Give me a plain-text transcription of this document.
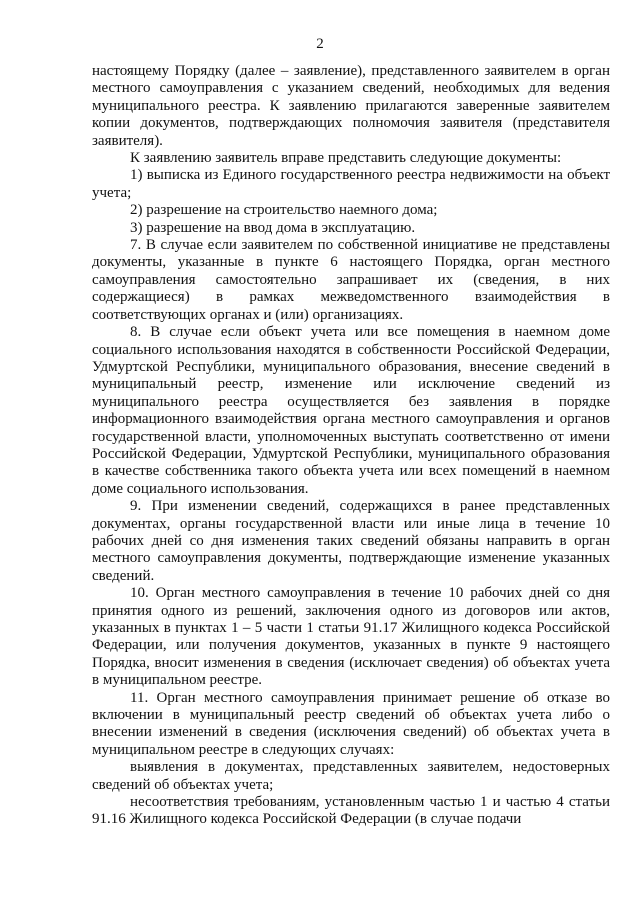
2

настоящему Порядку (далее – заявление), представленного заявителем в орган местного самоуправления с указанием сведений, необходимых для ведения муниципального реестра. К заявлению прилагаются заверенные заявителем копии документов, подтверждающих полномочия заявителя (представителя заявителя).

К заявлению заявитель вправе представить следующие документы:

1) выписка из Единого государственного реестра недвижимости на объект учета;

2) разрешение на строительство наемного дома;

3) разрешение на ввод дома в эксплуатацию.

7. В случае если заявителем по собственной инициативе не представлены документы, указанные в пункте 6 настоящего Порядка, орган местного самоуправления самостоятельно запрашивает их (сведения, в них содержащиеся) в рамках межведомственного взаимодействия в соответствующих органах и (или) организациях.

8. В случае если объект учета или все помещения в наемном доме социального использования находятся в собственности Российской Федерации, Удмуртской Республики, муниципального образования, внесение сведений в муниципальный реестр, изменение или исключение сведений из муниципального реестра осуществляется без заявления в порядке информационного взаимодействия органа местного самоуправления и органов государственной власти, уполномоченных выступать соответственно от имени Российской Федерации, Удмуртской Республики, муниципального образования в качестве собственника такого объекта учета или всех помещений в наемном доме социального использования.

9. При изменении сведений, содержащихся в ранее представленных документах, органы государственной власти или иные лица в течение 10 рабочих дней со дня изменения таких сведений обязаны направить в орган местного самоуправления документы, подтверждающие изменение указанных сведений.

10. Орган местного самоуправления в течение 10 рабочих дней со дня принятия одного из решений, заключения одного из договоров или актов, указанных в пунктах 1 – 5 части 1 статьи 91.17 Жилищного кодекса Российской Федерации, или получения документов, указанных в пункте 9 настоящего Порядка, вносит изменения в сведения (исключает сведения) об объектах учета в муниципальном реестре.

11. Орган местного самоуправления принимает решение об отказе во включении в муниципальный реестр сведений об объектах учета либо о внесении изменений в сведения (исключения сведений) об объектах учета в муниципальном реестре в следующих случаях:

выявления в документах, представленных заявителем, недостоверных сведений об объектах учета;

несоответствия требованиям, установленным частью 1 и частью 4 статьи 91.16 Жилищного кодекса Российской Федерации (в случае подачи
